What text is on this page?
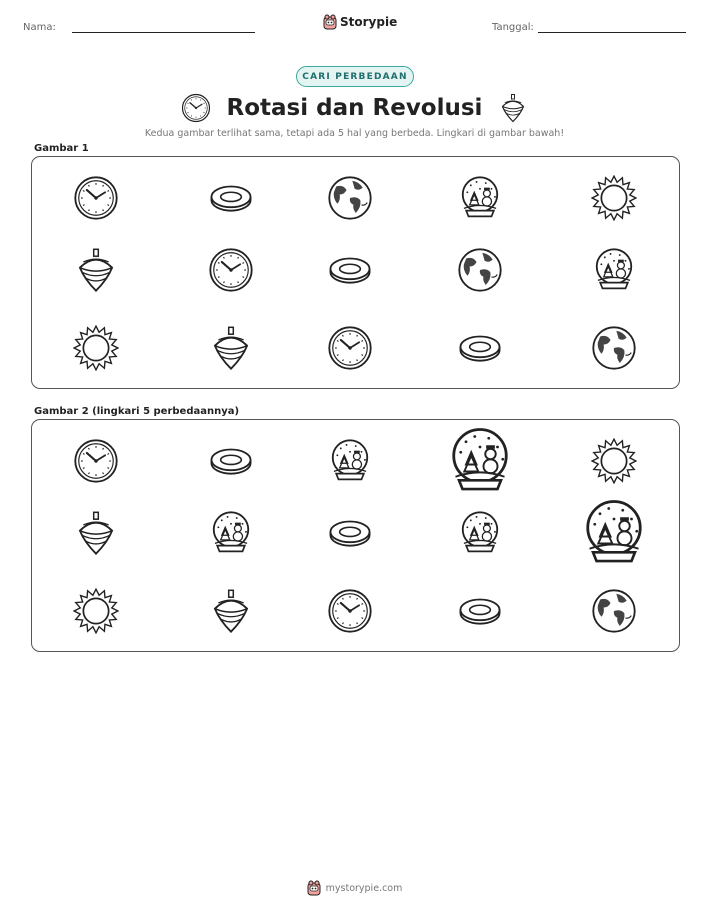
Nama:	Storypie	Tanggal:
CARI PERBEDAAN
Rotasi dan Revolusi
Kedua gambar terlihat sama, tetapi ada 5 hal yang berbeda. Lingkari di gambar bawah!
Gambar 1
Gambar 2 (lingkari 5 perbedaannya)
mystorypie.com
